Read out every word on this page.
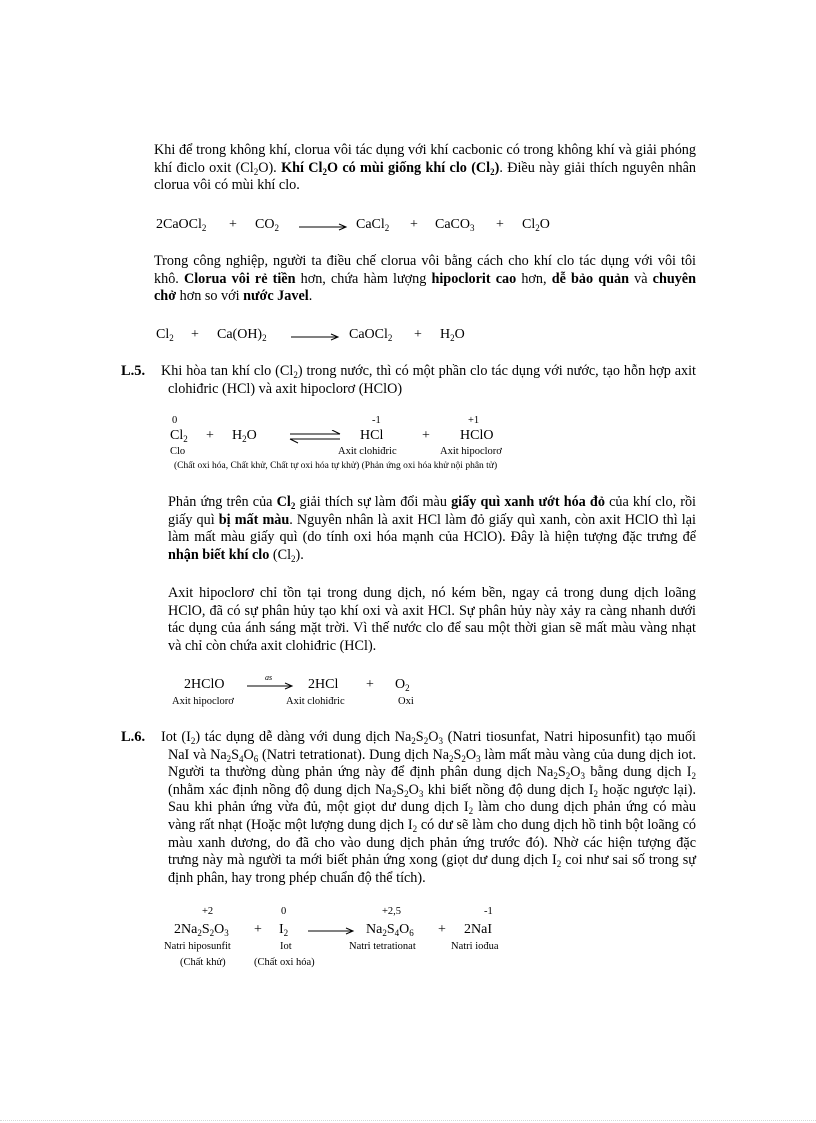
Khi để trong không khí, clorua vôi tác dụng với khí cacbonic có trong không khí và giải phóng khí điclo oxit $(Cl_2O)$. Khí $Cl_2O$ có mùi giống khí clo $(Cl_2)$. Điều này giải thích nguyên nhân clorua vôi có mùi khí clo.
2CaOCl$_2$ + $CO_2$ → CaCl$_2$ + CaCO$_3$ + $Cl_2O$
Trong công nghiệp, người ta điều chế clorua vôi bằng cách cho khí clo tác dụng với vôi tôi khô. Clorua vôi rẻ tiền hơn, chứa hàm lượng hipoclorit cao hơn, dễ bảo quản và chuyên chở hơn so với nước Javel.
$Cl_2 + Ca(OH)_2$ → CaOCl$_2$ + $H_2O$
L.5. Khi hòa tan khí clo $(Cl_2)$ trong nước, thì có một phần clo tác dụng với nước, tạo hỗn hợp axit clohiđric (HCl) và axit hipoclorơ (HClO)
0	-1	+1
$Cl_2 + H_2O$ ⇌ HCl	+ HClO
Clo	Axit clohiđric	Axit hipoclorơ
(Chất oxi hóa, Chất khử, Chất tự oxi hóa tự khử) (Phản ứng oxi hóa khử nội phân tử)
Phản ứng trên của $Cl_2$ giải thích sự làm đổi màu giấy quì xanh ướt hóa đỏ của khí clo, rồi giấy quì bị mất màu. Nguyên nhân là axit HCl làm đỏ giấy quì xanh, còn axit HClO thì lại làm mất màu giấy quì (do tính oxi hóa mạnh của HClO). Đây là hiện tượng đặc trưng để nhận biết khí clo $(Cl_2)$.
Axit hipoclorơ chỉ tồn tại trong dung dịch, nó kém bền, ngay cả trong dung dịch loãng HClO, đã có sự phân hủy tạo khí oxi và axit HCl. Sự phân hủy này xảy ra càng nhanh dưới tác dụng của ánh sáng mặt trời. Vì thế nước clo để sau một thời gian sẽ mất màu vàng nhạt và chỉ còn chứa axit clohiđric (HCl).
2HClO	as → $2HCl + O_2$
Axit hipoclorơ	Axit clohiđric	Oxi
L.6. Iot $(I_2)$ tác dụng dễ dàng với dung dịch $Na_2S_2O_3$ (Natri tiosunfat, Natri hiposunfit) tạo muối NaI và $Na_2S_4O_6$ (Natri tetrationat). Dung dịch $Na_2S_2O_3$ làm mất màu vàng của dung dịch iot. Người ta thường dùng phản ứng này để định phân dung dịch $Na_2S_2O_3$ bằng dung dịch $I_2$ (nhằm xác định nồng độ dung dịch $Na_2S_2O_3$ khi biết nồng độ dung dịch $I_2$ hoặc ngược lại). Sau khi phản ứng vừa đủ, một giọt dư dung dịch $I_2$ làm cho dung dịch phản ứng có màu vàng rất nhạt (Hoặc một lượng dung dịch $I_2$ có dư sẽ làm cho dung dịch hồ tinh bột loãng có màu xanh dương, do đã cho vào dung dịch phản ứng trước đó). Nhờ các hiện tượng đặc trưng này mà người ta mới biết phản ứng xong (giọt dư dung dịch $I_2$ coi như sai số trong sự định phân, hay trong phép chuẩn độ thể tích).
+2	0	+2,5	-1
$2Na_2S_2O_3 + I_2 \to Na_2S_4O_6 + 2NaI$
Natri hiposunfit	Iot	Natri tetrationat	Natri iođua
(Chất khử)	(Chất oxi hóa)
